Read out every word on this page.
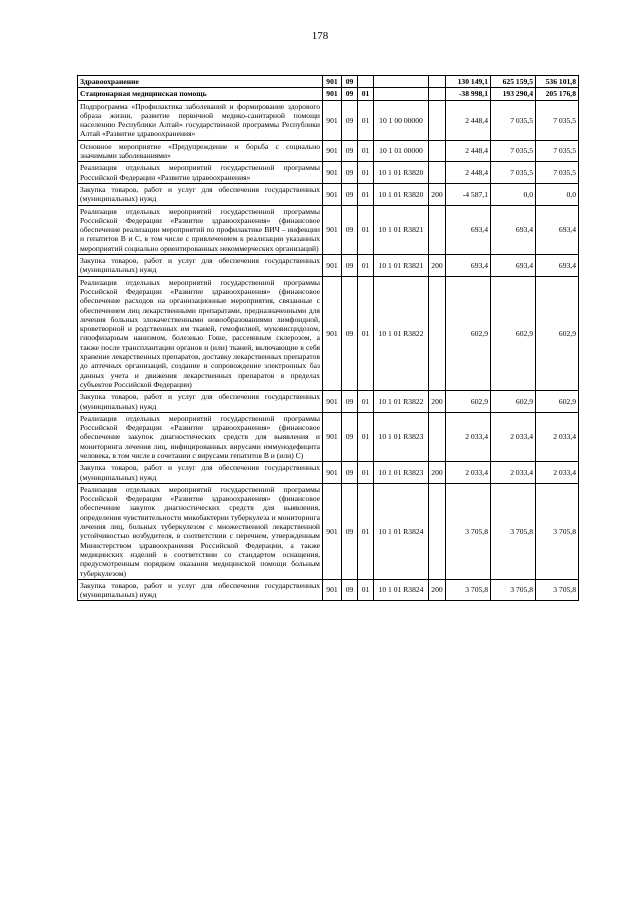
178
Здравоохранение	901	09				130 149,1	625 159,5	536 101,8
Стационарная медицинская помощь	901	09	01			-38 998,1	193 290,4	205 176,8
Подпрограмма «Профилактика заболеваний и формирование здорового образа жизни, развитие первичной медико-санитарной помощи населению Республики Алтай» государственной программы Республики Алтай «Развитие здравоохранения»	901	09	01	10 1 00 00000		2 448,4	7 035,5	7 035,5
Основное мероприятие «Предупреждение и борьба с социально значимыми заболеваниями»	901	09	01	10 1 01 00000		2 448,4	7 035,5	7 035,5
Реализация отдельных мероприятий государственной программы Российской Федерации «Развитие здравоохранения»	901	09	01	10 1 01 R3820		2 448,4	7 035,5	7 035,5
Закупка товаров, работ и услуг для обеспечения государственных (муниципальных) нужд	901	09	01	10 1 01 R3820	200	-4 587,1	0,0	0,0
Реализация отдельных мероприятий государственной программы Российской Федерации «Развитие здравоохранения» (финансовое обеспечение реализации мероприятий по профилактике ВИЧ – инфекции и гепатитов В и С, в том числе с привлечением к реализации указанных мероприятий социально ориентированных некоммерческих организаций)	901	09	01	10 1 01 R3821		693,4	693,4	693,4
Закупка товаров, работ и услуг для обеспечения государственных (муниципальных) нужд	901	09	01	10 1 01 R3821	200	693,4	693,4	693,4
Реализация отдельных мероприятий государственной программы Российской Федерации «Развитие здравоохранения» (финансовое обеспечение расходов на организационные мероприятия, связанные с обеспечением лиц лекарственными препаратами, предназначенными для лечения больных злокачественными новообразованиями лимфоидной, кроветворной и родственных им тканей, гемофилией, муковисцидозом, гипофизарным нанизмом, болезнью Гоше, рассеянным склерозом, а также после трансплантации органов и (или) тканей, включающие в себя хранение лекарственных препаратов, доставку лекарственных препаратов до аптечных организаций, создание и сопровождение электронных баз данных учета и движения лекарственных препаратов в пределах субъектов Российской Федерации)	901	09	01	10 1 01 R3822		602,9	602,9	602,9
Закупка товаров, работ и услуг для обеспечения государственных (муниципальных) нужд	901	09	01	10 1 01 R3822	200	602,9	602,9	602,9
Реализация отдельных мероприятий государственной программы Российской Федерации «Развитие здравоохранения» (финансовое обеспечение закупок диагностических средств для выявления и мониторинга лечения лиц, инфицированных вирусами иммунодефицита человека, в том числе в сочетании с вирусами гепатитов В и (или) С)	901	09	01	10 1 01 R3823		2 033,4	2 033,4	2 033,4
Закупка товаров, работ и услуг для обеспечения государственных (муниципальных) нужд	901	09	01	10 1 01 R3823	200	2 033,4	2 033,4	2 033,4
Реализация отдельных мероприятий государственной программы Российской Федерации «Развитие здравоохранения» (финансовое обеспечение закупок диагностических средств для выявления, определения чувствительности микобактерии туберкулеза и мониторинга лечения лиц, больных туберкулезом с множественной лекарственной устойчивостью возбудителя, в соответствии с перечнем, утвержденным Министерством здравоохранения Российской Федерации, а также медицинских изделий в соответствии со стандартом оснащения, предусмотренным порядком оказания медицинской помощи больным туберкулезом)	901	09	01	10 1 01 R3824		3 705,8	3 705,8	3 705,8
Закупка товаров, работ и услуг для обеспечения государственных (муниципальных) нужд	901	09	01	10 1 01 R3824	200	3 705,8	3 705,8	3 705,8
